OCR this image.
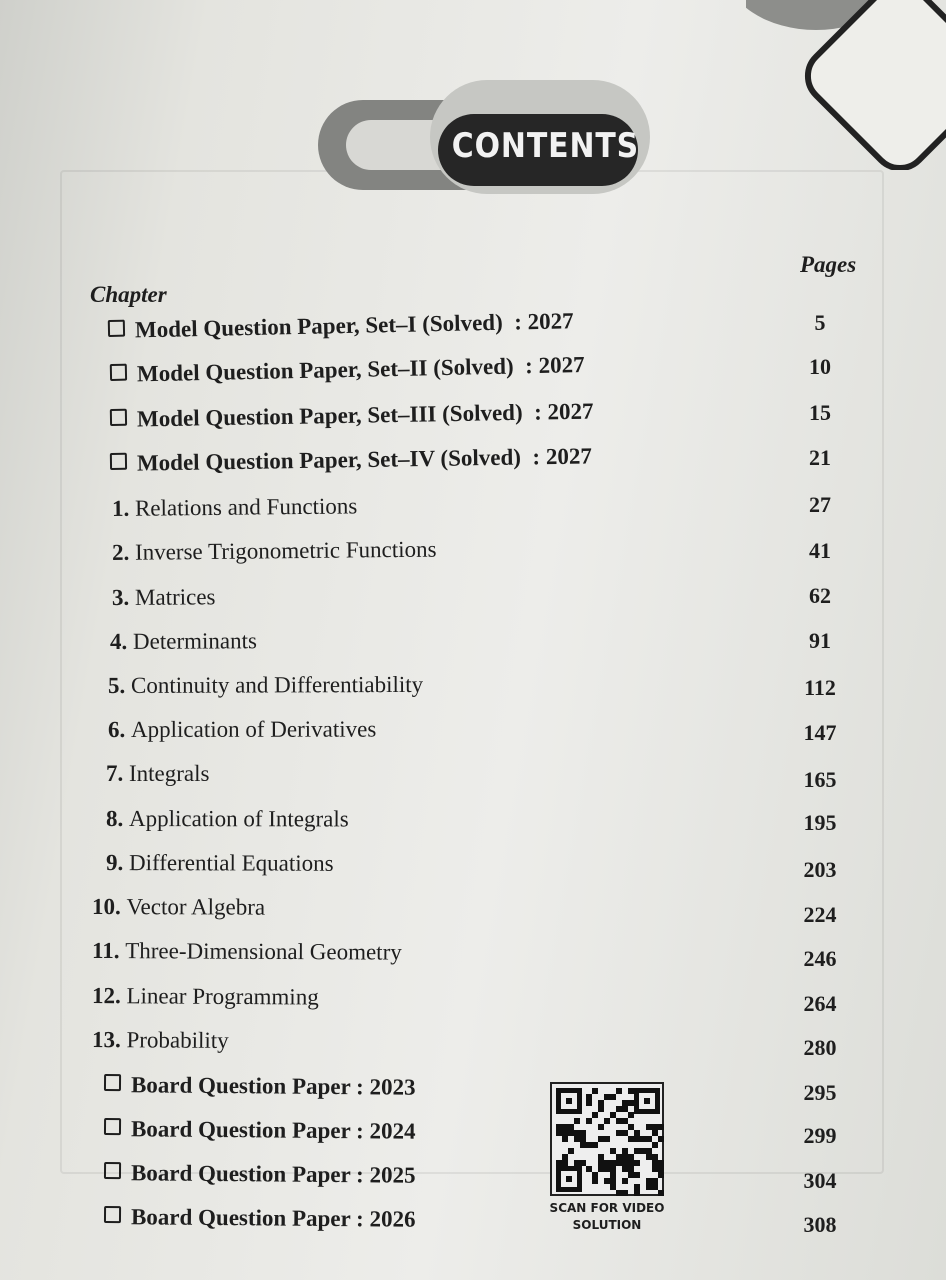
CONTENTS
Chapter
Pages
Model Question Paper, Set–I (Solved)  : 2027	5
Model Question Paper, Set–II (Solved)  : 2027	10
Model Question Paper, Set–III (Solved)  : 2027	15
Model Question Paper, Set–IV (Solved)  : 2027	21
1. Relations and Functions	27
2. Inverse Trigonometric Functions	41
3. Matrices	62
4. Determinants	91
5. Continuity and Differentiability	112
6. Application of Derivatives	147
7. Integrals	165
8. Application of Integrals	195
9. Differential Equations	203
10. Vector Algebra	224
11. Three-Dimensional Geometry	246
12. Linear Programming	264
13. Probability	280
Board Question Paper : 2023	295
Board Question Paper : 2024	299
Board Question Paper : 2025	304
Board Question Paper : 2026	308
SCAN FOR VIDEO
SOLUTION
